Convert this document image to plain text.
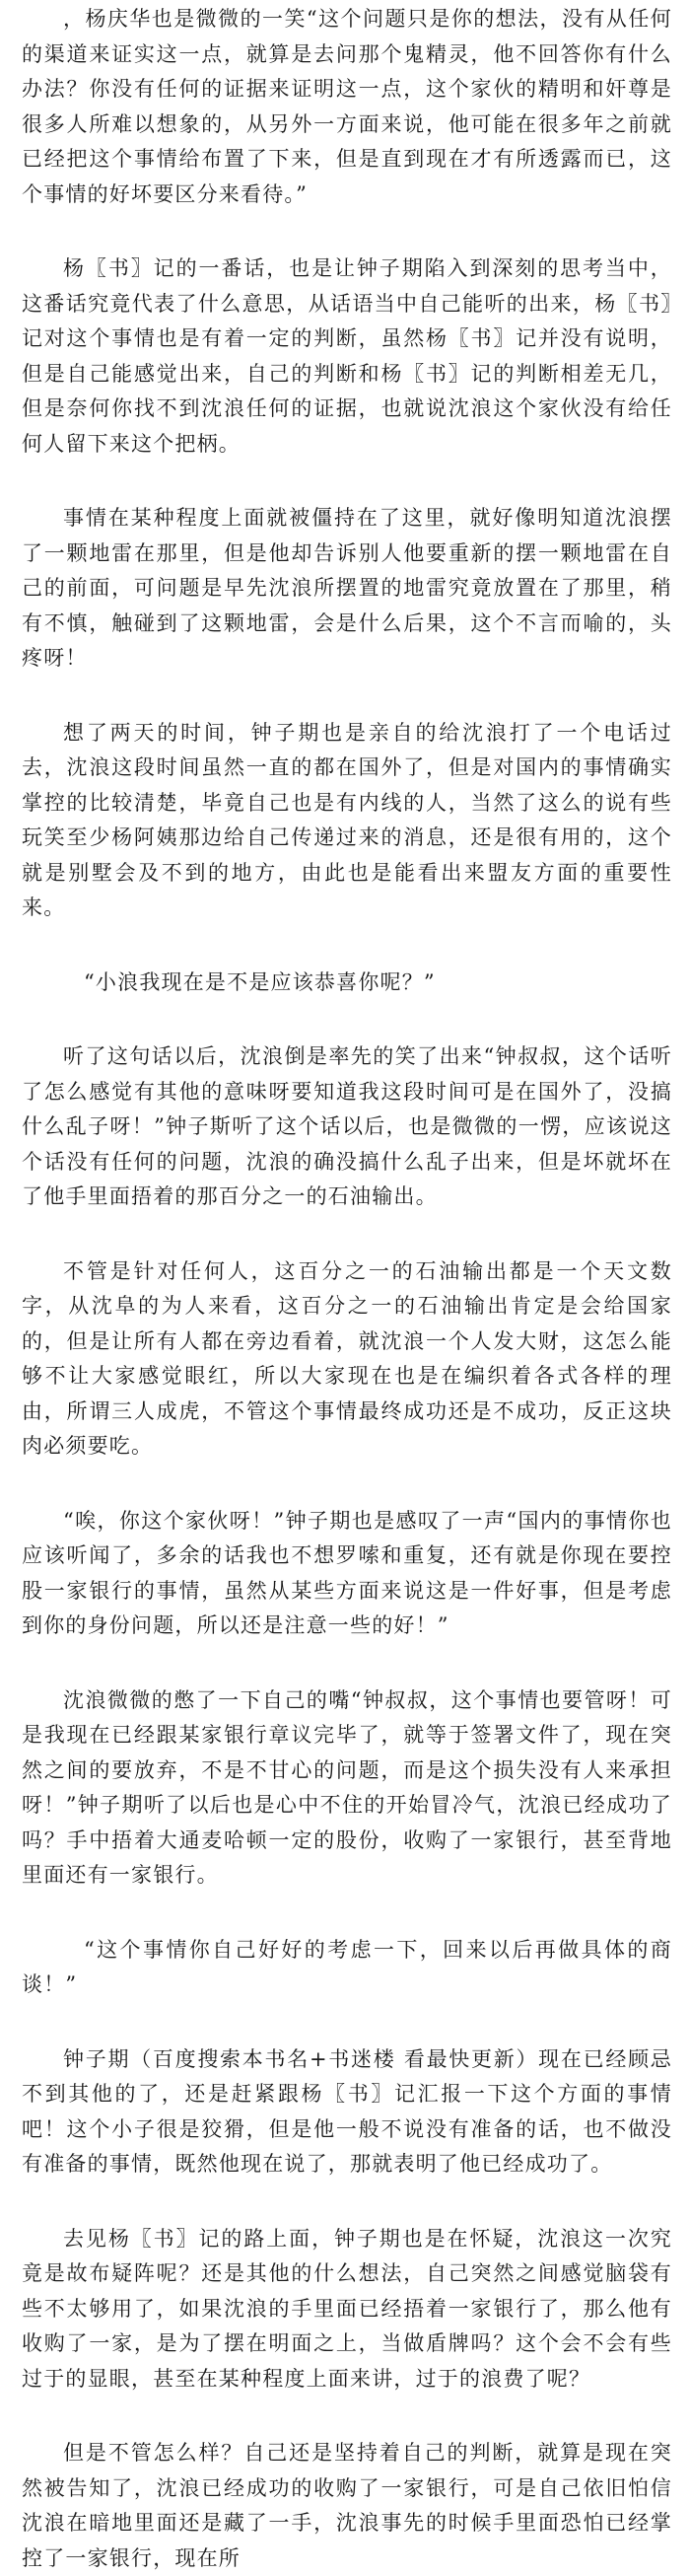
，杨庆华也是微微的一笑“这个问题只是你的想法，没有从任何的渠道来证实这一点，就算是去问那个鬼精灵，他不回答你有什么办法？你没有任何的证据来证明这一点，这个家伙的精明和奸尊是很多人所难以想象的，从另外一方面来说，他可能在很多年之前就已经把这个事情给布置了下来，但是直到现在才有所透露而已，这个事情的好坏要区分来看待。”

杨〖书〗记的一番话，也是让钟子期陷入到深刻的思考当中，这番话究竟代表了什么意思，从话语当中自己能听的出来，杨〖书〗记对这个事情也是有着一定的判断，虽然杨〖书〗记并没有说明，但是自己能感觉出来，自己的判断和杨〖书〗记的判断相差无几，但是奈何你找不到沈浪任何的证据，也就说沈浪这个家伙没有给任何人留下来这个把柄。

事情在某种程度上面就被僵持在了这里，就好像明知道沈浪摆了一颗地雷在那里，但是他却告诉别人他要重新的摆一颗地雷在自己的前面，可问题是早先沈浪所摆置的地雷究竟放置在了那里，稍有不慎，触碰到了这颗地雷，会是什么后果，这个不言而喻的，头疼呀！

想了两天的时间，钟子期也是亲自的给沈浪打了一个电话过去，沈浪这段时间虽然一直的都在国外了，但是对国内的事情确实掌控的比较清楚，毕竟自己也是有内线的人，当然了这么的说有些玩笑至少杨阿姨那边给自己传递过来的消息，还是很有用的，这个就是别墅会及不到的地方，由此也是能看出来盟友方面的重要性来。

“小浪我现在是不是应该恭喜你呢？”

听了这句话以后，沈浪倒是率先的笑了出来“钟叔叔，这个话听了怎么感觉有其他的意味呀要知道我这段时间可是在国外了，没搞什么乱子呀！”钟子斯听了这个话以后，也是微微的一愣，应该说这个话没有任何的问题，沈浪的确没搞什么乱子出来，但是坏就坏在了他手里面捂着的那百分之一的石油输出。

不管是针对任何人，这百分之一的石油输出都是一个天文数字，从沈阜的为人来看，这百分之一的石油输出肯定是会给国家的，但是让所有人都在旁边看着，就沈浪一个人发大财，这怎么能够不让大家感觉眼红，所以大家现在也是在编织着各式各样的理由，所谓三人成虎，不管这个事情最终成功还是不成功，反正这块肉必须要吃。

“唉，你这个家伙呀！”钟子期也是感叹了一声“国内的事情你也应该听闻了，多余的话我也不想罗嗦和重复，还有就是你现在要控股一家银行的事情，虽然从某些方面来说这是一件好事，但是考虑到你的身份问题，所以还是注意一些的好！”

沈浪微微的憋了一下自己的嘴“钟叔叔，这个事情也要管呀！可是我现在已经跟某家银行章议完毕了，就等于签署文件了，现在突然之间的要放弃，不是不甘心的问题，而是这个损失没有人来承担呀！”钟子期听了以后也是心中不住的开始冒冷气，沈浪已经成功了吗？手中捂着大通麦哈顿一定的股份，收购了一家银行，甚至背地里面还有一家银行。

“这个事情你自己好好的考虑一下，回来以后再做具体的商谈！”

钟子期（百度搜索本书名+书迷楼 看最快更新）现在已经顾忌不到其他的了，还是赶紧跟杨〖书〗记汇报一下这个方面的事情吧！这个小子很是狡猾，但是他一般不说没有准备的话，也不做没有准备的事情，既然他现在说了，那就表明了他已经成功了。

去见杨〖书〗记的路上面，钟子期也是在怀疑，沈浪这一次究竟是故布疑阵呢？还是其他的什么想法，自己突然之间感觉脑袋有些不太够用了，如果沈浪的手里面已经捂着一家银行了，那么他有收购了一家，是为了摆在明面之上，当做盾牌吗？这个会不会有些过于的显眼，甚至在某种程度上面来讲，过于的浪费了呢？

但是不管怎么样？自己还是坚持着自己的判断，就算是现在突然被告知了，沈浪已经成功的收购了一家银行，可是自己依旧怕信沈浪在暗地里面还是藏了一手，沈浪事先的时候手里面恐怕已经掌控了一家银行，现在所
